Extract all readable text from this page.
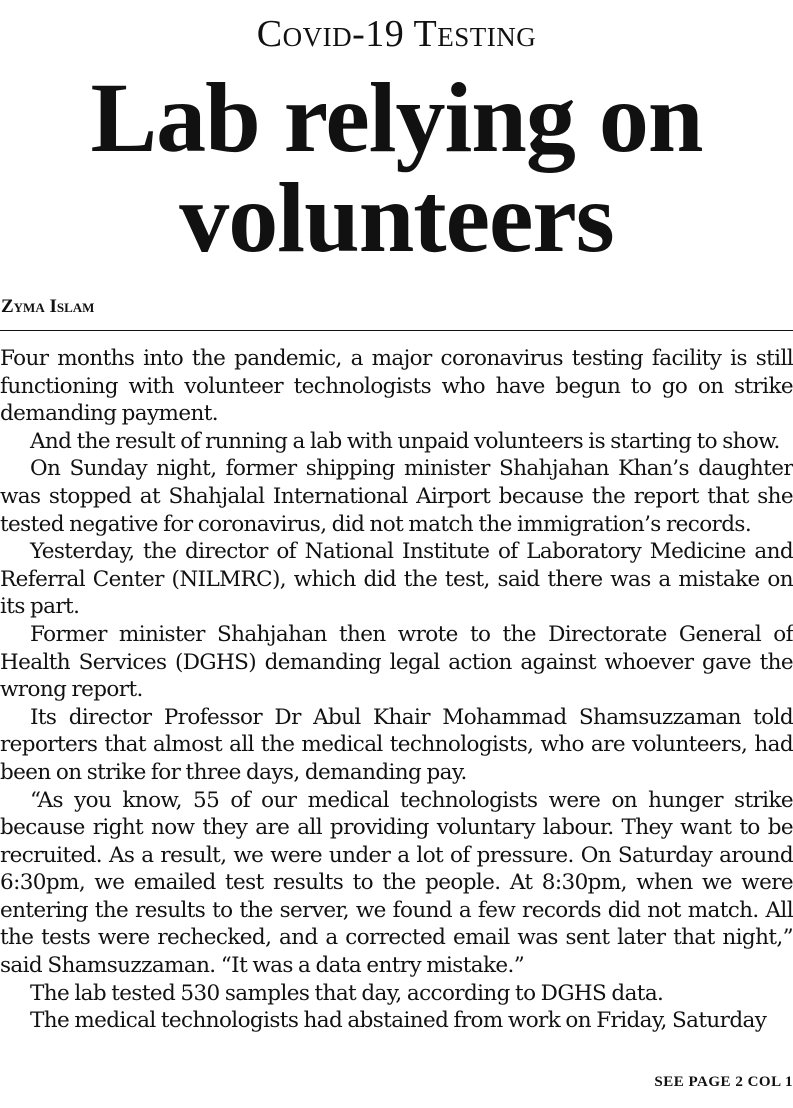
Covid-19 Testing
Lab relying on
volunteers
Zyma Islam

Four months into the pandemic, a major coronavirus testing facility is still functioning with volunteer technologists who have begun to go on strike demanding payment.

And the result of running a lab with unpaid volunteers is starting to show.

On Sunday night, former shipping minister Shahjahan Khan’s daughter was stopped at Shahjalal International Airport because the report that she tested negative for coronavirus, did not match the immigration’s records.

Yesterday, the director of National Institute of Laboratory Medicine and Referral Center (NILMRC), which did the test, said there was a mistake on its part.

Former minister Shahjahan then wrote to the Directorate General of Health Services (DGHS) demanding legal action against whoever gave the wrong report.

Its director Professor Dr Abul Khair Mohammad Shamsuzzaman told reporters that almost all the medical technologists, who are volunteers, had been on strike for three days, demanding pay.

“As you know, 55 of our medical technologists were on hunger strike because right now they are all providing voluntary labour. They want to be recruited. As a result, we were under a lot of pressure. On Saturday around 6:30pm, we emailed test results to the people. At 8:30pm, when we were entering the results to the server, we found a few records did not match. All the tests were rechecked, and a corrected email was sent later that night,” said Shamsuzzaman. “It was a data entry mistake.”

The lab tested 530 samples that day, according to DGHS data.

The medical technologists had abstained from work on Friday, Saturday

SEE PAGE 2 COL 1
